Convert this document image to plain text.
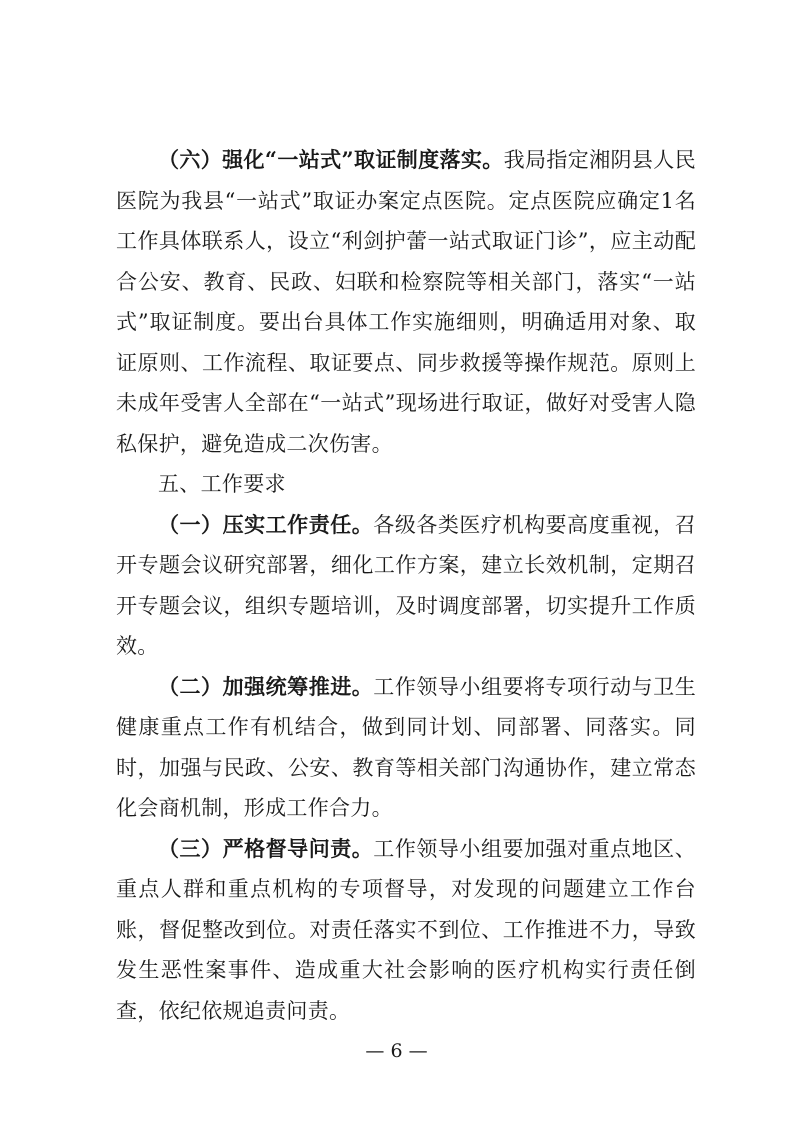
（六）强化“一站式”取证制度落实。我局指定湘阴县人民医院为我县“一站式”取证办案定点医院。定点医院应确定1名工作具体联系人，设立“利剑护蕾一站式取证门诊”，应主动配合公安、教育、民政、妇联和检察院等相关部门，落实“一站式”取证制度。要出台具体工作实施细则，明确适用对象、取证原则、工作流程、取证要点、同步救援等操作规范。原则上未成年受害人全部在“一站式”现场进行取证，做好对受害人隐私保护，避免造成二次伤害。

五、工作要求

（一）压实工作责任。各级各类医疗机构要高度重视，召开专题会议研究部署，细化工作方案，建立长效机制，定期召开专题会议，组织专题培训，及时调度部署，切实提升工作质效。

（二）加强统筹推进。工作领导小组要将专项行动与卫生健康重点工作有机结合，做到同计划、同部署、同落实。同时，加强与民政、公安、教育等相关部门沟通协作，建立常态化会商机制，形成工作合力。

（三）严格督导问责。工作领导小组要加强对重点地区、重点人群和重点机构的专项督导，对发现的问题建立工作台账，督促整改到位。对责任落实不到位、工作推进不力，导致发生恶性案事件、造成重大社会影响的医疗机构实行责任倒查，依纪依规追责问责。

— 6 —
